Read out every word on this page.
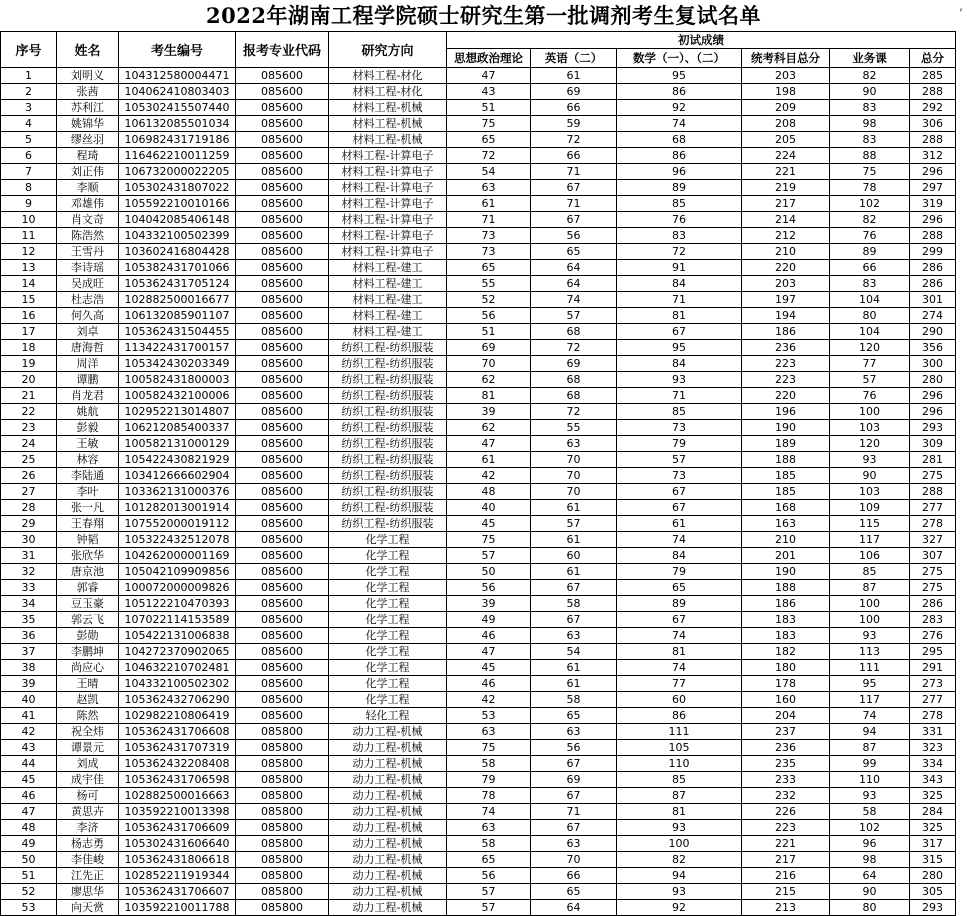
2022年湖南工程学院硕士研究生第一批调剂考生复试名单	,
序号	姓名	考生编号	报考专业代码	研究方向	初试成绩					
					思想政治理论	英语（二）	数学（一）、（二）	统考科目总分	业务课	总分

1	刘明义	104312580004471	085600	材料工程-材化	47	61	95	203	82	285
2	张茜	104062410803403	085600	材料工程-材化	43	69	86	198	90	288
3	苏利江	105302415507440	085600	材料工程-机械	51	66	92	209	83	292
4	姚锦华	106132085501034	085600	材料工程-机械	75	59	74	208	98	306
5	缪丝羽	106982431719186	085600	材料工程-机械	65	72	68	205	83	288
6	程琦	116462210011259	085600	材料工程-计算电子	72	66	86	224	88	312
7	刘正伟	106732000022205	085600	材料工程-计算电子	54	71	96	221	75	296
8	李顺	105302431807022	085600	材料工程-计算电子	63	67	89	219	78	297
9	邓雄伟	105592210010166	085600	材料工程-计算电子	61	71	85	217	102	319
10	肖文奇	104042085406148	085600	材料工程-计算电子	71	67	76	214	82	296
11	陈浩然	104332100502399	085600	材料工程-计算电子	73	56	83	212	76	288
12	王雪丹	103602416804428	085600	材料工程-计算电子	73	65	72	210	89	299
13	李诗瑶	105382431701066	085600	材料工程-建工	65	64	91	220	66	286
14	吴成旺	105362431705124	085600	材料工程-建工	55	64	84	203	83	286
15	杜志浩	102882500016677	085600	材料工程-建工	52	74	71	197	104	301
16	何久高	106132085901107	085600	材料工程-建工	56	57	81	194	80	274
17	刘卓	105362431504455	085600	材料工程-建工	51	68	67	186	104	290
18	唐海哲	113422431700157	085600	纺织工程-纺织服装	69	72	95	236	120	356
19	周洋	105342430203349	085600	纺织工程-纺织服装	70	69	84	223	77	300
20	谭鹏	100582431800003	085600	纺织工程-纺织服装	62	68	93	223	57	280
21	肖龙君	100582432100006	085600	纺织工程-纺织服装	81	68	71	220	76	296
22	姚航	102952213014807	085600	纺织工程-纺织服装	39	72	85	196	100	296
23	彭毅	106212085400337	085600	纺织工程-纺织服装	62	55	73	190	103	293
24	王敏	100582131000129	085600	纺织工程-纺织服装	47	63	79	189	120	309
25	林容	105422430821929	085600	纺织工程-纺织服装	61	70	57	188	93	281
26	李陆通	103412666602904	085600	纺织工程-纺织服装	42	70	73	185	90	275
27	李叶	103362131000376	085600	纺织工程-纺织服装	48	70	67	185	103	288
28	张一凡	101282013001914	085600	纺织工程-纺织服装	40	61	67	168	109	277
29	王春翔	107552000019112	085600	纺织工程-纺织服装	45	57	61	163	115	278
30	钟韬	105322432512078	085600	化学工程	75	61	74	210	117	327
31	张欣华	104262000001169	085600	化学工程	57	60	84	201	106	307
32	唐京池	105042109909856	085600	化学工程	50	61	79	190	85	275
33	郭睿	100072000009826	085600	化学工程	56	67	65	188	87	275
34	豆玉豪	105122210470393	085600	化学工程	39	58	89	186	100	286
35	郭云飞	107022114153589	085600	化学工程	49	67	67	183	100	283
36	彭勋	105422131006838	085600	化学工程	46	63	74	183	93	276
37	李鹏坤	104272370902065	085600	化学工程	47	54	81	182	113	295
38	尚应心	104632210702481	085600	化学工程	45	61	74	180	111	291
39	王晴	104332100502302	085600	化学工程	46	61	77	178	95	273
40	赵凯	105362432706290	085600	化学工程	42	58	60	160	117	277
41	陈然	102982210806419	085600	轻化工程	53	65	86	204	74	278
42	祝全炜	105362431706608	085800	动力工程-机械	63	63	111	237	94	331
43	谭景元	105362431707319	085800	动力工程-机械	75	56	105	236	87	323
44	刘成	105362432208408	085800	动力工程-机械	58	67	110	235	99	334
45	成宇佳	105362431706598	085800	动力工程-机械	79	69	85	233	110	343
46	杨可	102882500016663	085800	动力工程-机械	78	67	87	232	93	325
47	黄思卉	103592210013398	085800	动力工程-机械	74	71	81	226	58	284
48	李济	105362431706609	085800	动力工程-机械	63	67	93	223	102	325
49	杨志勇	105302431606640	085800	动力工程-机械	58	63	100	221	96	317
50	李佳峻	105362431806618	085800	动力工程-机械	65	70	82	217	98	315
51	江先正	102852211919344	085800	动力工程-机械	56	66	94	216	64	280
52	廖思华	105362431706607	085800	动力工程-机械	57	65	93	215	90	305
53	向天赏	103592210011788	085800	动力工程-机械	57	64	92	213	80	293
